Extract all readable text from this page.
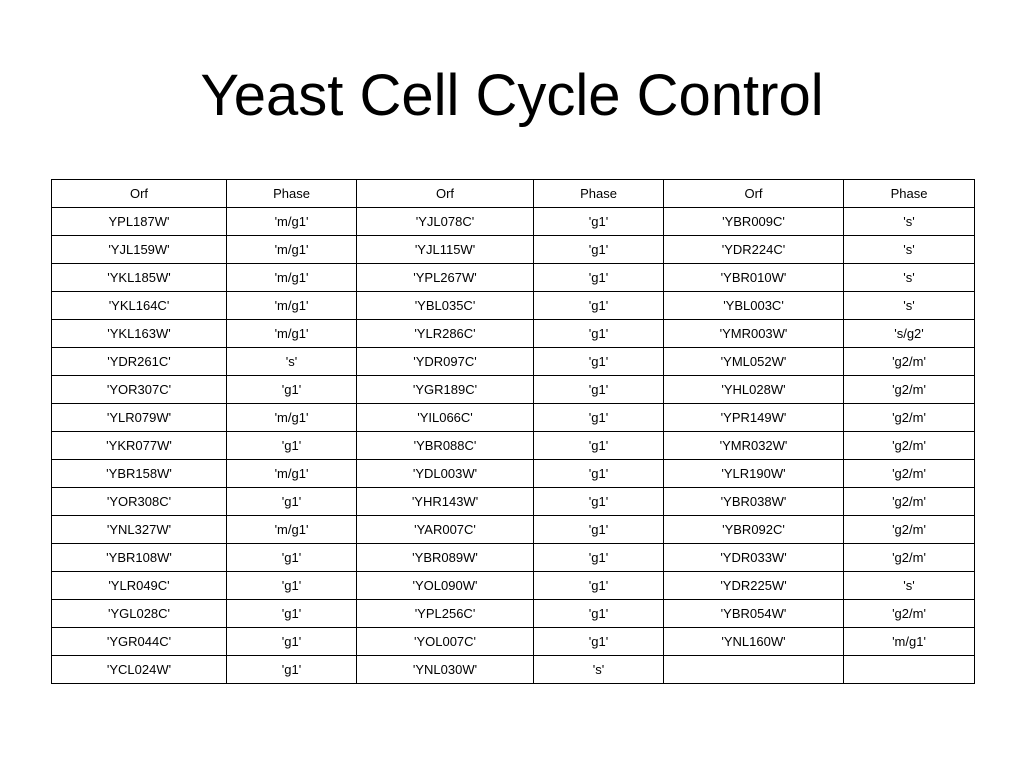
Yeast Cell Cycle Control
Orf	Phase	Orf	Phase	Orf	Phase
YPL187W'	'm/g1'	'YJL078C'	'g1'	'YBR009C'	's'
'YJL159W'	'm/g1'	'YJL115W'	'g1'	'YDR224C'	's'
'YKL185W'	'm/g1'	'YPL267W'	'g1'	'YBR010W'	's'
'YKL164C'	'm/g1'	'YBL035C'	'g1'	'YBL003C'	's'
'YKL163W'	'm/g1'	'YLR286C'	'g1'	'YMR003W'	's/g2'
'YDR261C'	's'	'YDR097C'	'g1'	'YML052W'	'g2/m'
'YOR307C'	'g1'	'YGR189C'	'g1'	'YHL028W'	'g2/m'
'YLR079W'	'm/g1'	'YIL066C'	'g1'	'YPR149W'	'g2/m'
'YKR077W'	'g1'	'YBR088C'	'g1'	'YMR032W'	'g2/m'
'YBR158W'	'm/g1'	'YDL003W'	'g1'	'YLR190W'	'g2/m'
'YOR308C'	'g1'	'YHR143W'	'g1'	'YBR038W'	'g2/m'
'YNL327W'	'm/g1'	'YAR007C'	'g1'	'YBR092C'	'g2/m'
'YBR108W'	'g1'	'YBR089W'	'g1'	'YDR033W'	'g2/m'
'YLR049C'	'g1'	'YOL090W'	'g1'	'YDR225W'	's'
'YGL028C'	'g1'	'YPL256C'	'g1'	'YBR054W'	'g2/m'
'YGR044C'	'g1'	'YOL007C'	'g1'	'YNL160W'	'm/g1'
'YCL024W'	'g1'	'YNL030W'	's'		
